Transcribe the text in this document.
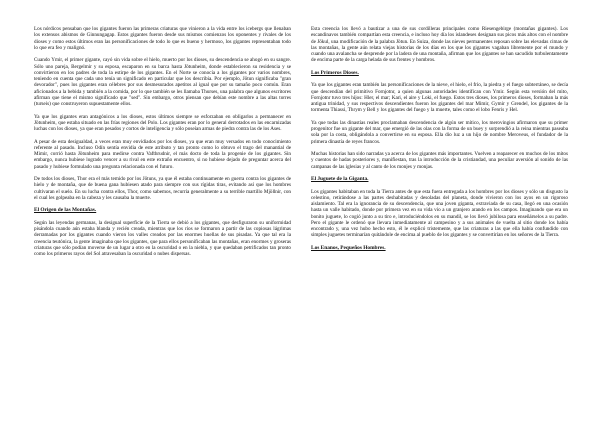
Los nórdicos pensaban que los gigantes fueron las primeras criaturas que vinieron a la vida entre los icebergs que llenaban los extensos abismos de Ginnungagap. Estos gigantes fueron desde sus mismos comienzos los oponentes y rivales de los dioses y como estos últimos eran las personificaciones de todo lo que es bueno y hermoso, los gigantes representaban todo lo que era feo y malignó.

Cuando Ymir, el primer gigante, cayó sin vida sobre el hielo, muerto por los dioses, su descendencia se ahogó en su sangre. Sólo uno pareja, Bergelmir y su esposa, escaparon en su barca hasta Jötunheim, donde establecieron su residencia y se convirtieron en los padres de toda la estirpe de los gigantes. En el Norte se conocía a los gigantes por varios nombres, teniendo en cuenta que cada uno tenía un significado en particular que los describía. Por ejemplo, Jötun significaba "gran devorador", pues los gigantes eran célebres por sus desmesurados apetitos al igual que por su tamaño poco común. Eran aficionados a la bebida y también a la comida, por lo que también se les llamaba Thurses, una palabra que algunos escritores afirman que tiene el mismo significado que "sed". Sin embargo, otros piensan que debían este nombre a las altas torres (turseis) que construyeron supuestamente ellos.

Ya que los gigantes eran antagónicos a los dioses, estos últimos siempre se esforzaban en obligarlos a permanecer en Jötunheim, que estaba situado en las frías regiones del Polo. Los gigantes eran por lo general derrotados en las encarnizadas luchas con los dioses, ya que eran pesados y cortos de inteligencia y sólo poseían armas de piedra contra las de los Ases.

A pesar de esta desigualdad, a veces eran muy envidiados por los dioses, ya que eran muy versados en todo conocimiento referente al pasado. Incluso Odín sentía envidia de este atributo y tan pronto como lo obtuvo el trago del manantial de Mimir, corrió hasta Jötunheim para medirse contra Vafthrudnir, el más docto de toda la progenie de los gigantes. Sin embargo, nunca hubiese logrado vencer a su rival en este extraño encuentro, si no hubiese dejado de preguntar acerca del pasado y hubiese formulado una pregunta relacionada con el futuro.

De todos los dioses, Thor era el más temido por los Jötuns, ya que él estaba continuamente en guerra contra los gigantes de hielo y de montaña, que de buena gana hubiesen atado para siempre con sus rígidas tiras, evitando así que los hombres cultivaran el suelo. En su lucha contra ellos, Thor, como sabemos, recurría generalmente a su terrible martillo Mjöllnir, con el cual les golpeaba en la cabeza y les causaba la muerte.

El Origen de las Montañas.

Según las leyendas germanas, la desigual superficie de la Tierra se debió a los gigantes, que desfiguraron su uniformidad pisándola cuando aún estaba blanda y recién creada, mientras que los ríos se formaron a partir de las copiosas lágrimas derramadas por los gigantes cuando vieron los valles creados por las enormes huellas de sus pisadas. Ya que tal era la creencia teutónica, la gente imaginaba que los gigantes, que para ellos personificaban las montañas, eran enormes y groseras criaturas que sólo podían moverse de un lugar a otro en la oscuridad o en la niebla, y que quedaban petrificados tan pronto como los primeros rayos del Sol atravesaban la oscuridad o nubes dispersas.

Esta creencia los llevó a bautizar a una de sus cordilleras principales como Riesengebirge (montañas gigantes). Los escandinavos también compartían esta creencia, e incluso hoy día los islandeses designan sus picos más altos con el nombre de Jökul, una modificación de la palabra Jötun. En Suiza, donde las nieves permanentes reposan sobre las elevadas cimas de las montañas, la gente aún relata viejas historias de los días en los que los gigantes vagaban libremente por el mundo y cuando una avalancha se desprende por la ladera de una montaña, afirman que los gigantes se han sacudido turbulentamente de encima parte de la carga helada de sus frentes y hombros.

Los Primeros Dioses.

Ya que los gigantes eran también las personificaciones de la nieve, el hielo, el frío, la piedra y el fuego subterráneo, se decía que descendían del primitivo Fornjotnr, a quien algunas autoridades identifican con Ymir. Según esta versión del mito, Fornjotnr tuvo tres hijos: Hler, el mar; Kari, el aire y Loki, el fuego. Estos tres dioses, los primeros dioses, formaban la más antigua trinidad, y sus respectivos descendientes fueron los gigantes del mar Mimir, Gymir y Grendel, los gigantes de la tormenta Thiassi, Thrym y Bell y los gigantes del fuego y la muerte, tales como el lobo Fenris y Hel.

Ya que todas las dinastías reales proclamaban descendencia de algún ser mítico, los merovingios afirmaron que su primer progenitor fue un gigante del mar, que emergió de las olas con la forma de un buey y sorprendió a la reina mientras paseaba sola por la costa, obligándola a convertirse en su esposa. Ella dio luz a un hijo de nombre Meroveus, el fundador de la primera dinastía de reyes francos.

Muchas historias han sido narradas ya acerca de los gigantes más importantes. Vuelven a reaparecer en muchos de los mitos y cuentos de hadas posteriores y, manifiestan, tras la introducción de la cristiandad, una peculiar aversión al sonido de las campanas de las iglesias y al canto de los monjes y monjas.

El Juguete de la Giganta.

Los gigantes habitaban en toda la Tierra antes de que esta fuera entregada a los hombres por los dioses y sólo un disgusto la celestino, retirándose a las partes deshabitadas y desoladas del planeta, donde vivieron con los ayos en un rigoroso aislamiento. Tal era la ignorancia de su descendencia, que una joven giganta, extraviada de su casa, llegó en una ocasión hasta un valle habitado, donde por primera vez en su vida vio a un granjero arando en los campos. Imaginando que era un bonito juguete, lo cogió junto a su tiro e, introduciéndolos en su mandil, se los llevó jubilosa para enseñárselos a su padre. Pero el gigante le ordenó que llevara inmediatamente al campesino y a sus animales de vuelta al sitio donde los había encontrado y, una vez hubo hecho esto, él le explicó tristemente, que las criaturas a las que ella había confundido con simples juguetes terminarían quitándole de encima al pueblo de los gigantes y se convertirían en los señores de la Tierra.

Los Enanos, Pequeños Hombres.
